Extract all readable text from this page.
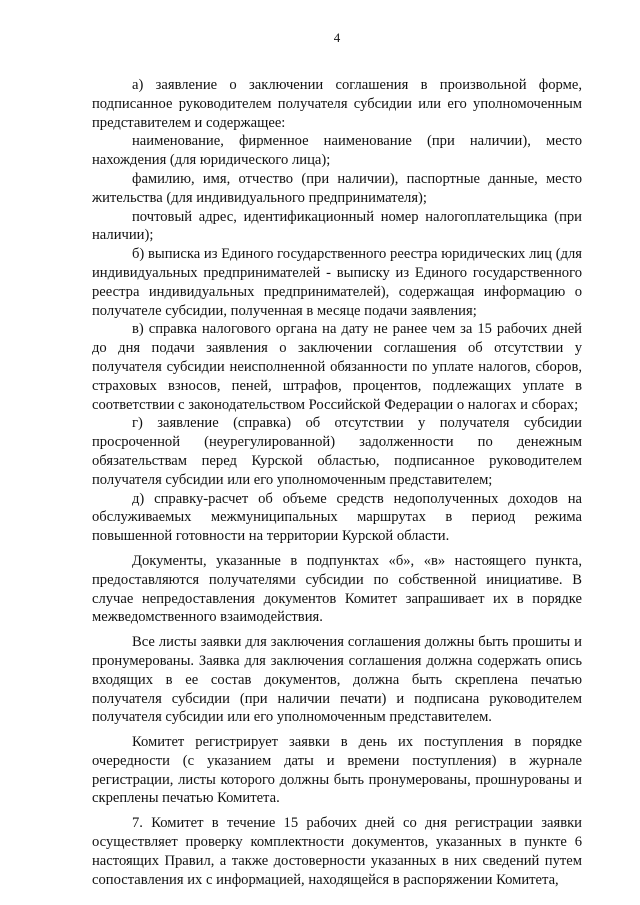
4

а) заявление о заключении соглашения в произвольной форме, подписанное руководителем получателя субсидии или его уполномоченным представителем и содержащее:

наименование, фирменное наименование (при наличии), место нахождения (для юридического лица);

фамилию, имя, отчество (при наличии), паспортные данные, место жительства (для индивидуального предпринимателя);

почтовый адрес, идентификационный номер налогоплательщика (при наличии);

б) выписка из Единого государственного реестра юридических лиц (для индивидуальных предпринимателей - выписку из Единого государственного реестра индивидуальных предпринимателей), содержащая информацию о получателе субсидии, полученная в месяце подачи заявления;

в) справка налогового органа на дату не ранее чем за 15 рабочих дней до дня подачи заявления о заключении соглашения об отсутствии у получателя субсидии неисполненной обязанности по уплате налогов, сборов, страховых взносов, пеней, штрафов, процентов, подлежащих уплате в соответствии с законодательством Российской Федерации о налогах и сборах;

г) заявление (справка) об отсутствии у получателя субсидии просроченной (неурегулированной) задолженности по денежным обязательствам перед Курской областью, подписанное руководителем получателя субсидии или его уполномоченным представителем;

д) справку-расчет об объеме средств недополученных доходов на обслуживаемых межмуниципальных маршрутах в период режима повышенной готовности на территории Курской области.

Документы, указанные в подпунктах «б», «в» настоящего пункта, предоставляются получателями субсидии по собственной инициативе. В случае непредоставления документов Комитет запрашивает их в порядке межведомственного взаимодействия.

Все листы заявки для заключения соглашения должны быть прошиты и пронумерованы. Заявка для заключения соглашения должна содержать опись входящих в ее состав документов, должна быть скреплена печатью получателя субсидии (при наличии печати) и подписана руководителем получателя субсидии или его уполномоченным представителем.

Комитет регистрирует заявки в день их поступления в порядке очередности (с указанием даты и времени поступления) в журнале регистрации, листы которого должны быть пронумерованы, прошнурованы и скреплены печатью Комитета.

7. Комитет в течение 15 рабочих дней со дня регистрации заявки осуществляет проверку комплектности документов, указанных в пункте 6 настоящих Правил, а также достоверности указанных в них сведений путем сопоставления их с информацией, находящейся в распоряжении Комитета,
